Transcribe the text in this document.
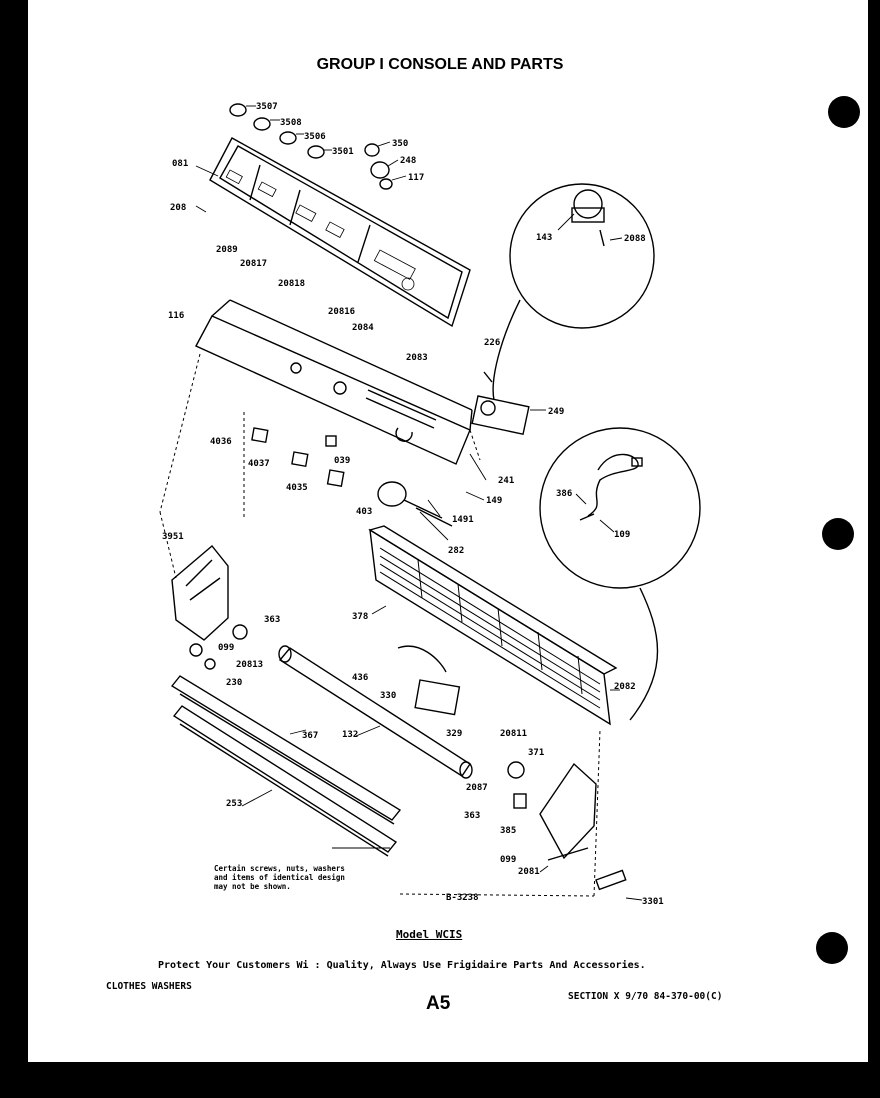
GROUP I CONSOLE AND PARTS
3507
3508
3506
3501
350
248
117
081
208
143	2088
2089
20817
20818
20816
2084
2083
226
249
116
4036
4037	039
4035
241
149
403
1491
386
109
282
3951
363	378
099
20813
230	2082
436
330
329	20811
132
371
367
2087
253
363
385
099
2081
3301
Certain screws, nuts, washers
and items of identical design
may not be shown.
B-3238
Model WCIS
Protect Your Customers Wi : Quality, Always Use Frigidaire Parts And Accessories.
CLOTHES WASHERS
A5	SECTION X 9/70 84-370-00(C)
